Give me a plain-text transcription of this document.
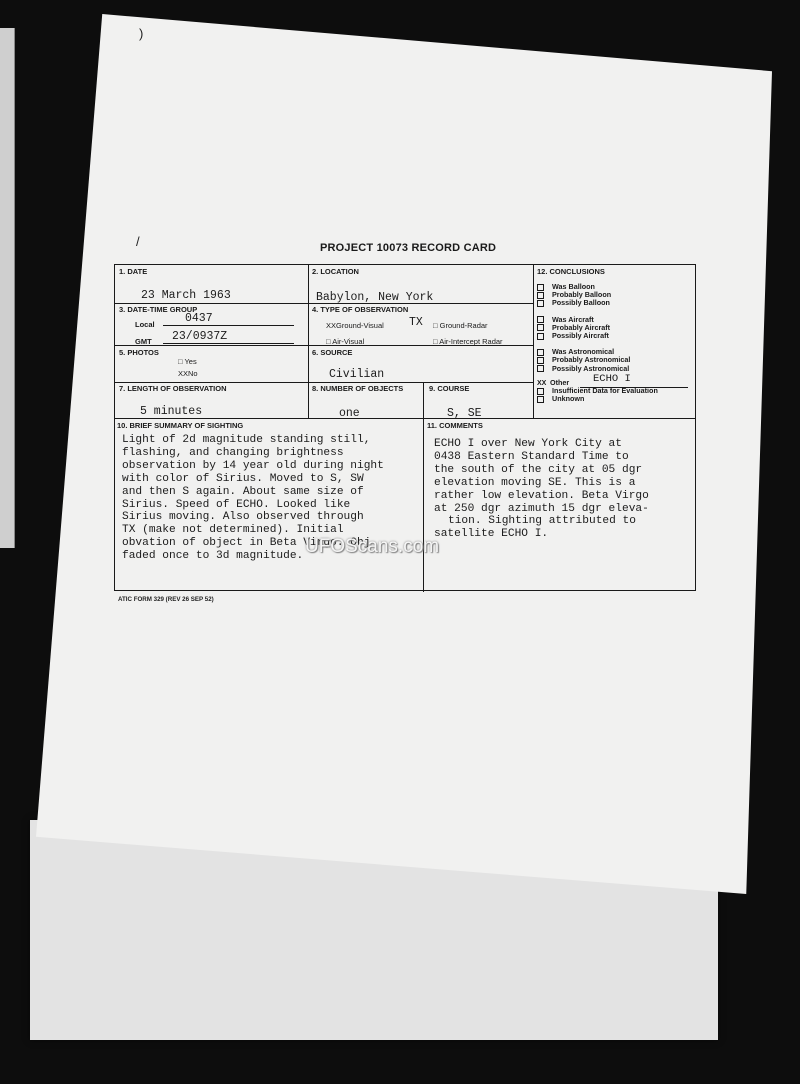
)
/	PROJECT 10073 RECORD CARD
1. DATE
23 March 1963
2. LOCATION
Babylon, New York
3. DATE-TIME GROUP
Local	0437
GMT 23/0937Z
4. TYPE OF OBSERVATION
XXGround-Visual TX □ Ground-Radar
□ Air-Visual	□ Air-Intercept Radar
5. PHOTOS
□ Yes
XXNo
6. SOURCE
Civilian
7. LENGTH OF OBSERVATION
5 minutes
8. NUMBER OF OBJECTS
one
9. COURSE
S, SE
10. BRIEF SUMMARY OF SIGHTING
Light of 2d magnitude standing still,
flashing, and changing brightness
observation by 14 year old during night
with color of Sirius. Moved to S, SW
and then S again. About same size of
Sirius. Speed of ECHO. Looked like
Sirius moving. Also observed through
TX (make not determined). Initial
obvation of object in Beta Virgo. Obj
faded once to 3d magnitude.
11. COMMENTS
ECHO I over New York City at
0438 Eastern Standard Time to
the south of the city at 05 dgr
elevation moving SE. This is a
rather low elevation. Beta Virgo
at 250 dgr azimuth 15 dgr eleva-
tion. Sighting attributed to
satellite ECHO I.
12. CONCLUSIONS
Was Balloon
Probably Balloon
Possibly Balloon
Was Aircraft
Probably Aircraft
Possibly Aircraft
Was Astronomical
Probably Astronomical
Possibly Astronomical
XX Other ECHO I
Insufficient Data for Evaluation
Unknown
UFOScans.com
ATIC FORM 329 (REV 26 SEP 52)
